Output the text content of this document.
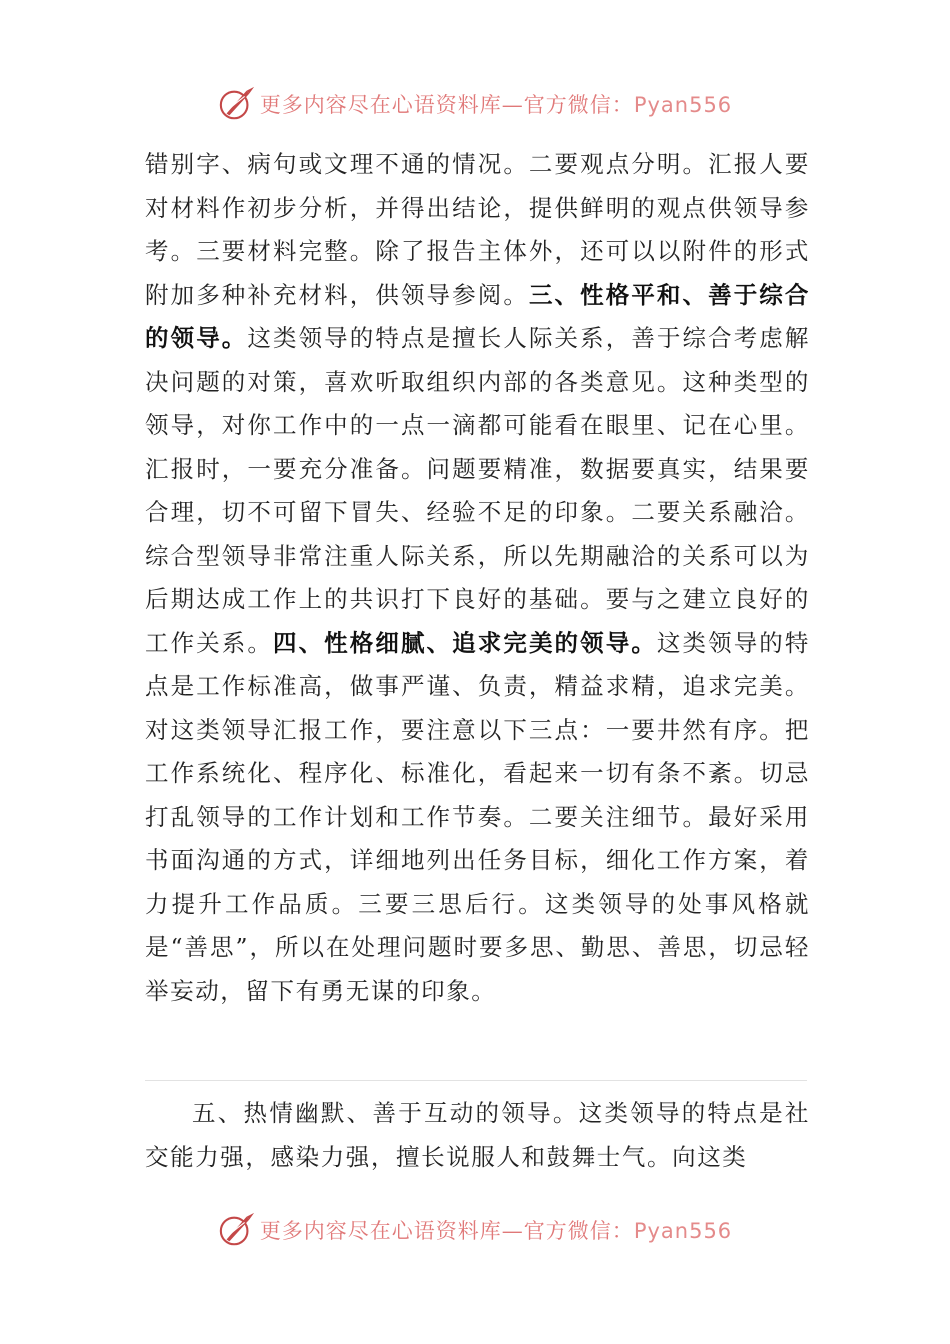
更多内容尽在心语资料库—官方微信：Pyan556

错别字、病句或文理不通的情况。二要观点分明。汇报人要对材料作初步分析，并得出结论，提供鲜明的观点供领导参考。三要材料完整。除了报告主体外，还可以以附件的形式附加多种补充材料，供领导参阅。三、性格平和、善于综合的领导。这类领导的特点是擅长人际关系，善于综合考虑解决问题的对策，喜欢听取组织内部的各类意见。这种类型的领导，对你工作中的一点一滴都可能看在眼里、记在心里。汇报时，一要充分准备。问题要精准，数据要真实，结果要合理，切不可留下冒失、经验不足的印象。二要关系融洽。综合型领导非常注重人际关系，所以先期融洽的关系可以为后期达成工作上的共识打下良好的基础。要与之建立良好的工作关系。四、性格细腻、追求完美的领导。这类领导的特点是工作标准高，做事严谨、负责，精益求精，追求完美。对这类领导汇报工作，要注意以下三点：一要井然有序。把工作系统化、程序化、标准化，看起来一切有条不紊。切忌打乱领导的工作计划和工作节奏。二要关注细节。最好采用书面沟通的方式，详细地列出任务目标，细化工作方案，着力提升工作品质。三要三思后行。这类领导的处事风格就是“善思”，所以在处理问题时要多思、勤思、善思，切忌轻举妄动，留下有勇无谋的印象。

五、热情幽默、善于互动的领导。这类领导的特点是社交能力强，感染力强，擅长说服人和鼓舞士气。向这类

更多内容尽在心语资料库—官方微信：Pyan556
